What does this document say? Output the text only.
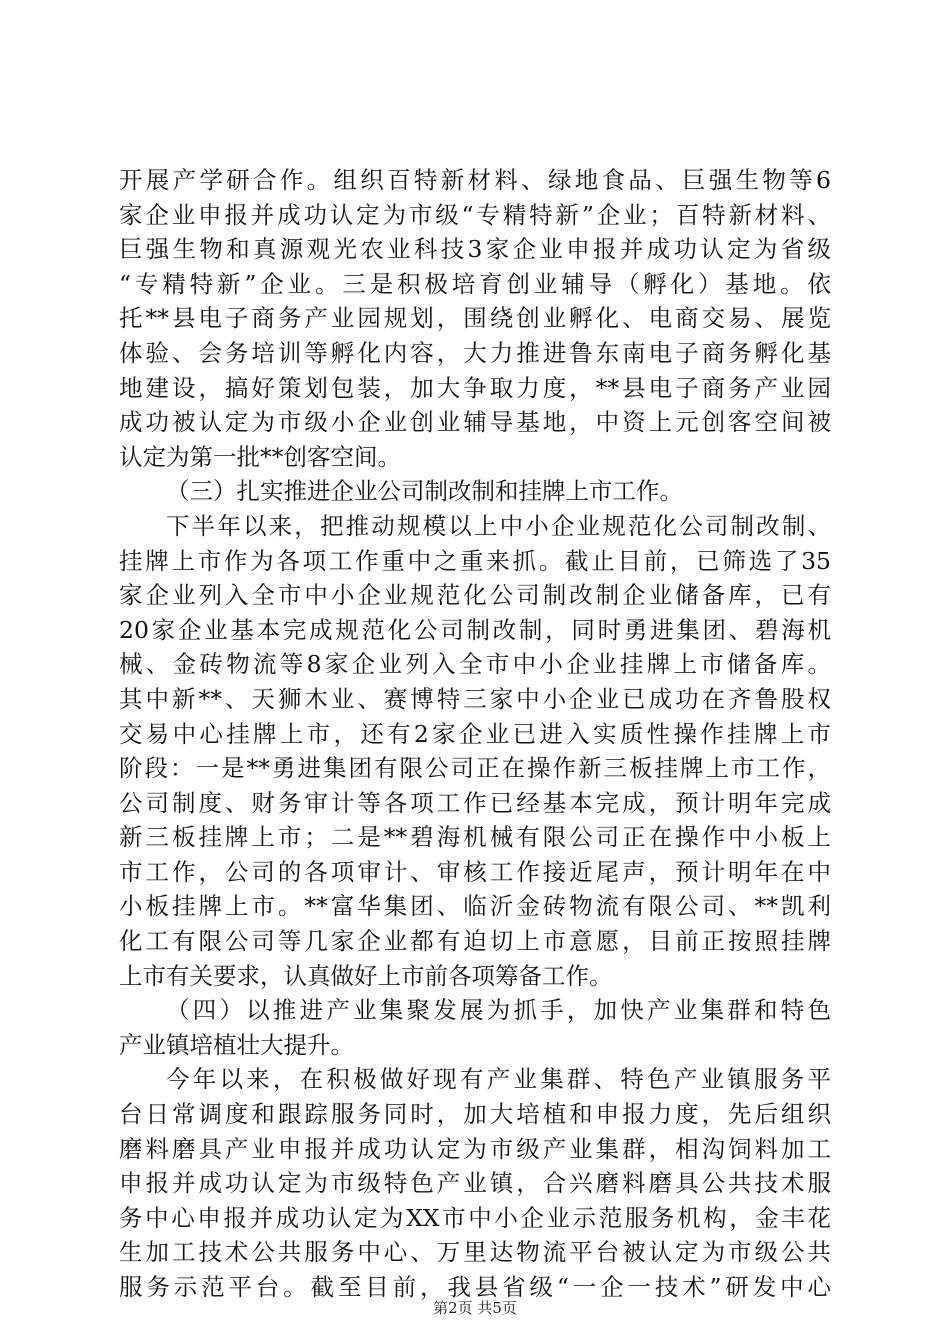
开展产学研合作。组织百特新材料、绿地食品、巨强生物等6
家企业申报并成功认定为市级“专精特新”企业；百特新材料、
巨强生物和真源观光农业科技3家企业申报并成功认定为省级
“专精特新”企业。三是积极培育创业辅导（孵化）基地。依
托**县电子商务产业园规划，围绕创业孵化、电商交易、展览
体验、会务培训等孵化内容，大力推进鲁东南电子商务孵化基
地建设，搞好策划包装，加大争取力度，**县电子商务产业园
成功被认定为市级小企业创业辅导基地，中资上元创客空间被
认定为第一批**创客空间。
（三）扎实推进企业公司制改制和挂牌上市工作。
下半年以来，把推动规模以上中小企业规范化公司制改制、
挂牌上市作为各项工作重中之重来抓。截止目前，已筛选了35
家企业列入全市中小企业规范化公司制改制企业储备库，已有
20家企业基本完成规范化公司制改制，同时勇进集团、碧海机
械、金砖物流等8家企业列入全市中小企业挂牌上市储备库。
其中新**、天狮木业、赛博特三家中小企业已成功在齐鲁股权
交易中心挂牌上市，还有2家企业已进入实质性操作挂牌上市
阶段：一是**勇进集团有限公司正在操作新三板挂牌上市工作，
公司制度、财务审计等各项工作已经基本完成，预计明年完成
新三板挂牌上市；二是**碧海机械有限公司正在操作中小板上
市工作，公司的各项审计、审核工作接近尾声，预计明年在中
小板挂牌上市。**富华集团、临沂金砖物流有限公司、**凯利
化工有限公司等几家企业都有迫切上市意愿，目前正按照挂牌
上市有关要求，认真做好上市前各项筹备工作。
（四）以推进产业集聚发展为抓手，加快产业集群和特色
产业镇培植壮大提升。
今年以来，在积极做好现有产业集群、特色产业镇服务平
台日常调度和跟踪服务同时，加大培植和申报力度，先后组织
磨料磨具产业申报并成功认定为市级产业集群，相沟饲料加工
申报并成功认定为市级特色产业镇，合兴磨料磨具公共技术服
务中心申报并成功认定为XX市中小企业示范服务机构，金丰花
生加工技术公共服务中心、万里达物流平台被认定为市级公共
服务示范平台。截至目前，我县省级“一企一技术”研发中心
第2页 共5页
